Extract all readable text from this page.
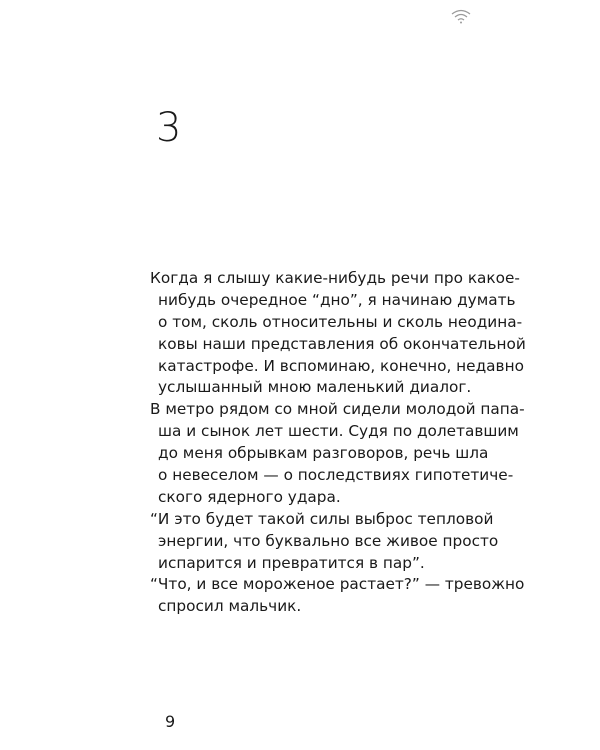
3
Когда я слышу какие-нибудь речи про какое-
нибудь очередное “дно”, я начинаю думать
о том, сколь относительны и сколь неодина-
ковы наши представления об окончательной
катастрофе. И вспоминаю, конечно, недавно
услышанный мною маленький диалог.
В метро рядом со мной сидели молодой папа-
ша и сынок лет шести. Судя по долетавшим
до меня обрывкам разговоров, речь шла
о невеселом — о последствиях гипотетиче-
ского ядерного удара.
“И это будет такой силы выброс тепловой
энергии, что буквально все живое просто
испарится и превратится в пар”.
“Что, и все мороженое растает?” — тревожно
спросил мальчик.
9
